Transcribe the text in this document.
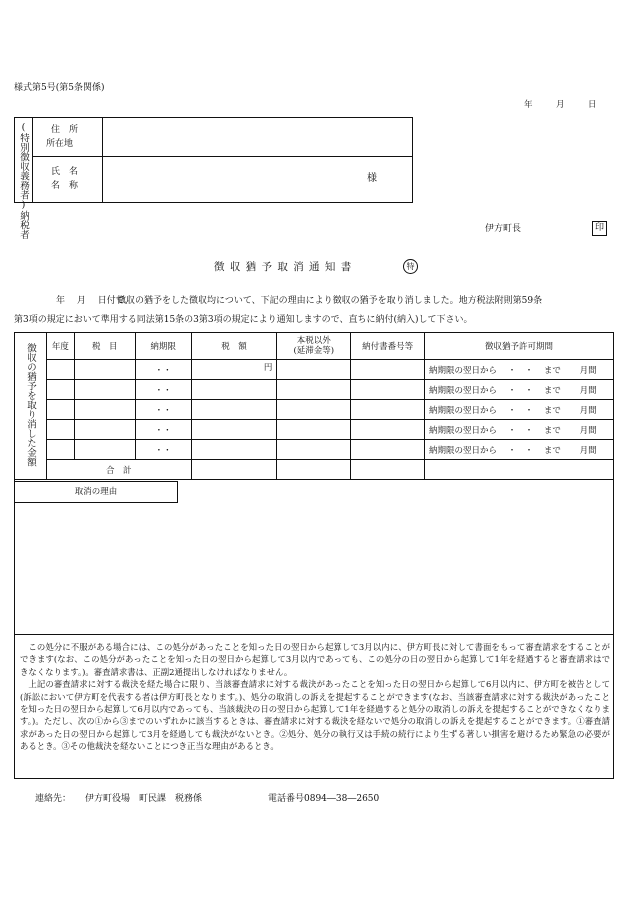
様式第5号(第5条関係)
年	月	日
(特別徴収義務者)納税者 住　所
所在地
氏　名
名　称
様
伊方町長	印
徴 収 猶 予 取 消 通 知 書	特
年　 月　 日付で、
徴収の猶予をした徴収均について、下記の理由により徴収の猶予を取り消しました。地方税法附則第59条
第3項の規定において準用する同法第15条の3第3項の規定により通知しますので、直ちに納付(納入)して下さい。
徴収の猶予を取り消した金額	年度	税　目	納期限	税　額	本税以外
(延滞金等)	納付書番号等	徴収猶予許可期間
			・・	円			納期限の翌日から ・　・ まで 月間
			・・				納期限の翌日から ・　・ まで 月間
			・・				納期限の翌日から ・　・ まで 月間
			・・				納期限の翌日から ・　・ まで 月間
			・・				納期限の翌日から ・　・ まで 月間
	合　計						
取消の理由

この処分に不服がある場合には、この処分があったことを知った日の翌日から起算して3月以内に、伊方町長に対して書面をもって審査請求をすることができます(なお、この処分があったことを知った日の翌日から起算して3月以内であっても、この処分の日の翌日から起算して1年を経過すると審査請求はできなくなります。)。審査請求書は、正副2通提出しなければなりません。

上記の審査請求に対する裁決を経た場合に限り、当該審査請求に対する裁決があったことを知った日の翌日から起算して6月以内に、伊方町を被告として(訴訟において伊方町を代表する者は伊方町長となります。)、処分の取消しの訴えを提起することができます(なお、当該審査請求に対する裁決があったことを知った日の翌日から起算して6月以内であっても、当該裁決の日の翌日から起算して1年を経過すると処分の取消しの訴えを提起することができなくなります。)。ただし、次の①から③までのいずれかに該当するときは、審査請求に対する裁決を経ないで処分の取消しの訴えを提起することができます。①審査請求があった日の翌日から起算して3月を経過しても裁決がないとき。②処分、処分の執行又は手続の続行により生ずる著しい損害を避けるため緊急の必要があるとき。③その他裁決を経ないことにつき正当な理由があるとき。

連絡先： 伊方町役場　町民課　税務係	電話番号0894―38―2650
